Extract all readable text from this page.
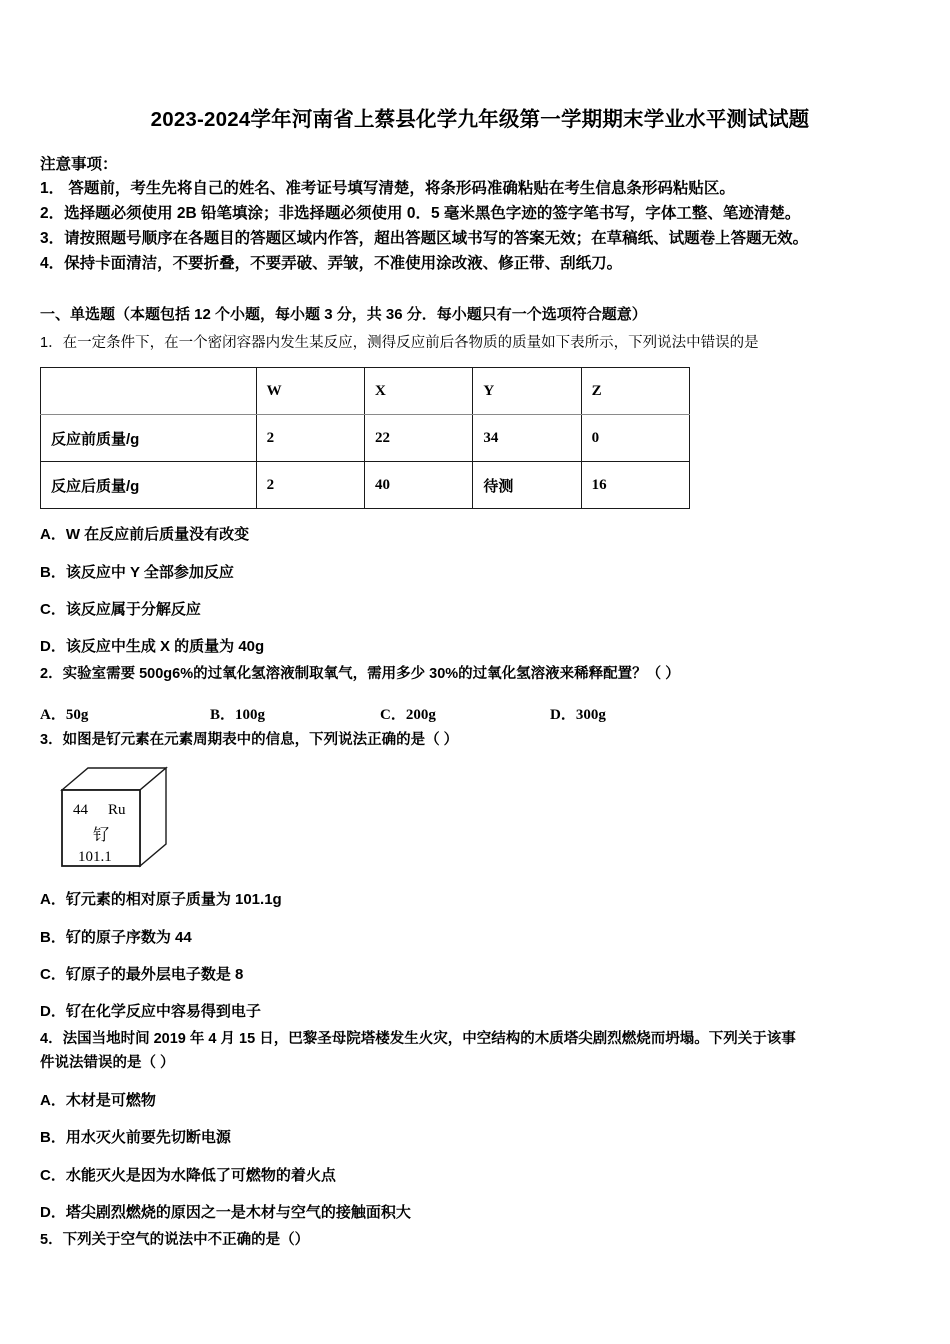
2023-2024学年河南省上蔡县化学九年级第一学期期末学业水平测试试题
注意事项：
1． 答题前，考生先将自己的姓名、准考证号填写清楚，将条形码准确粘贴在考生信息条形码粘贴区。
2．选择题必须使用 2B 铅笔填涂；非选择题必须使用 0．5 毫米黑色字迹的签字笔书写，字体工整、笔迹清楚。
3．请按照题号顺序在各题目的答题区域内作答，超出答题区域书写的答案无效；在草稿纸、试题卷上答题无效。
4．保持卡面清洁，不要折叠，不要弄破、弄皱，不准使用涂改液、修正带、刮纸刀。
一、单选题（本题包括 12 个小题，每小题 3 分，共 36 分．每小题只有一个选项符合题意）
1．在一定条件下，在一个密闭容器内发生某反应，测得反应前后各物质的质量如下表所示，下列说法中错误的是
	W	X	Y	Z
反应前质量/g	2	22	34	0
反应后质量/g	2	40	待测	16
A．W 在反应前后质量没有改变
B．该反应中 Y 全部参加反应
C．该反应属于分解反应
D．该反应中生成 X 的质量为 40g
2．实验室需要 500g6%的过氧化氢溶液制取氧气，需用多少 30%的过氧化氢溶液来稀释配置？（ ）
A．50g	B．100g	C．200g	D．300g
3．如图是钌元素在元素周期表中的信息，下列说法正确的是（ ）
44 Ru
钌
101.1
A．钌元素的相对原子质量为 101.1g
B．钌的原子序数为 44
C．钌原子的最外层电子数是 8
D．钌在化学反应中容易得到电子
4．法国当地时间 2019 年 4 月 15 日，巴黎圣母院塔楼发生火灾，中空结构的木质塔尖剧烈燃烧而坍塌。下列关于该事
件说法错误的是（ ）
A．木材是可燃物
B．用水灭火前要先切断电源
C．水能灭火是因为水降低了可燃物的着火点
D．塔尖剧烈燃烧的原因之一是木材与空气的接触面积大
5．下列关于空气的说法中不正确的是（）
